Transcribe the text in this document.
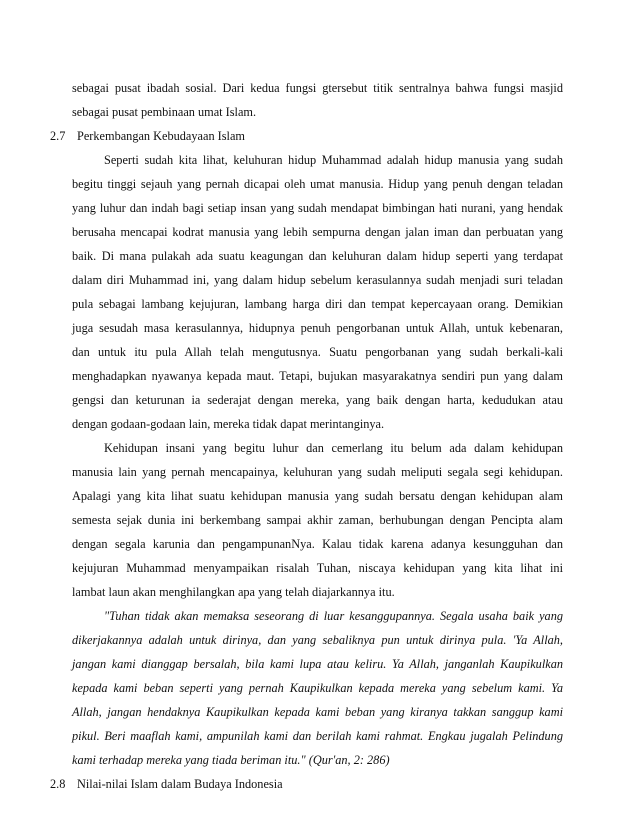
sebagai pusat ibadah sosial. Dari kedua fungsi gtersebut titik sentralnya bahwa fungsi masjid
sebagai pusat pembinaan umat Islam.
2.7 Perkembangan Kebudayaan Islam
Seperti sudah kita lihat, keluhuran hidup Muhammad adalah hidup manusia yang sudah
begitu tinggi sejauh yang pernah dicapai oleh umat manusia. Hidup yang penuh dengan teladan
yang luhur dan indah bagi setiap insan yang sudah mendapat bimbingan hati nurani, yang hendak
berusaha mencapai kodrat manusia yang lebih sempurna dengan jalan iman dan perbuatan yang
baik. Di mana pulakah ada suatu keagungan dan keluhuran dalam hidup seperti yang terdapat
dalam diri Muhammad ini, yang dalam hidup sebelum kerasulannya sudah menjadi suri teladan
pula sebagai lambang kejujuran, lambang harga diri dan tempat kepercayaan orang. Demikian
juga sesudah masa kerasulannya, hidupnya penuh pengorbanan untuk Allah, untuk kebenaran,
dan untuk itu pula Allah telah mengutusnya. Suatu pengorbanan yang sudah berkali-kali
menghadapkan nyawanya kepada maut. Tetapi, bujukan masyarakatnya sendiri pun yang dalam
gengsi dan keturunan ia sederajat dengan mereka, yang baik dengan harta, kedudukan atau
dengan godaan-godaan lain, mereka tidak dapat merintanginya.
Kehidupan insani yang begitu luhur dan cemerlang itu belum ada dalam kehidupan
manusia lain yang pernah mencapainya, keluhuran yang sudah meliputi segala segi kehidupan.
Apalagi yang kita lihat suatu kehidupan manusia yang sudah bersatu dengan kehidupan alam
semesta sejak dunia ini berkembang sampai akhir zaman, berhubungan dengan Pencipta alam
dengan segala karunia dan pengampunanNya. Kalau tidak karena adanya kesungguhan dan
kejujuran Muhammad menyampaikan risalah Tuhan, niscaya kehidupan yang kita lihat ini
lambat laun akan menghilangkan apa yang telah diajarkannya itu.
"Tuhan tidak akan memaksa seseorang di luar kesanggupannya. Segala usaha baik yang
dikerjakannya adalah untuk dirinya, dan yang sebaliknya pun untuk dirinya pula. 'Ya Allah,
jangan kami dianggap bersalah, bila kami lupa atau keliru. Ya Allah, janganlah Kaupikulkan
kepada kami beban seperti yang pernah Kaupikulkan kepada mereka yang sebelum kami. Ya
Allah, jangan hendaknya Kaupikulkan kepada kami beban yang kiranya takkan sanggup kami
pikul. Beri maaflah kami, ampunilah kami dan berilah kami rahmat. Engkau jugalah Pelindung
kami terhadap mereka yang tiada beriman itu." (Qur'an, 2: 286)
2.8 Nilai-nilai Islam dalam Budaya Indonesia
